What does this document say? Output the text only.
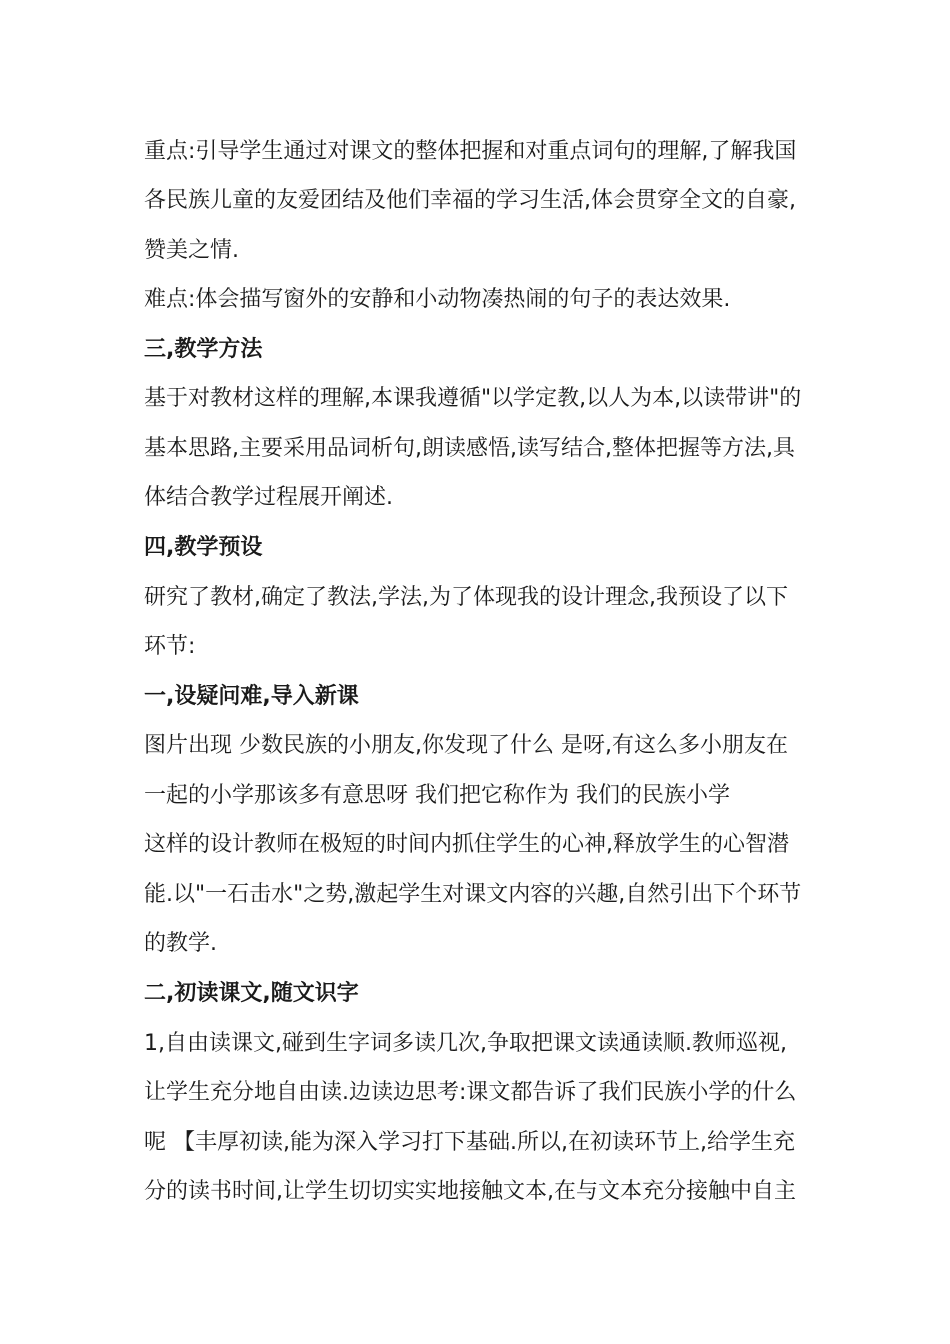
重点:引导学生通过对课文的整体把握和对重点词句的理解,了解我国
各民族儿童的友爱团结及他们幸福的学习生活,体会贯穿全文的自豪,
赞美之情.
难点:体会描写窗外的安静和小动物凑热闹的句子的表达效果.
三,教学方法
基于对教材这样的理解,本课我遵循"以学定教,以人为本,以读带讲"的
基本思路,主要采用品词析句,朗读感悟,读写结合,整体把握等方法,具
体结合教学过程展开阐述.
四,教学预设
研究了教材,确定了教法,学法,为了体现我的设计理念,我预设了以下
环节:
一,设疑问难,导入新课
图片出现 少数民族的小朋友,你发现了什么 是呀,有这么多小朋友在
一起的小学那该多有意思呀 我们把它称作为 我们的民族小学
这样的设计教师在极短的时间内抓住学生的心神,释放学生的心智潜
能.以"一石击水"之势,激起学生对课文内容的兴趣,自然引出下个环节
的教学.
二,初读课文,随文识字
1,自由读课文,碰到生字词多读几次,争取把课文读通读顺.教师巡视,
让学生充分地自由读.边读边思考:课文都告诉了我们民族小学的什么
呢 【丰厚初读,能为深入学习打下基础.所以,在初读环节上,给学生充
分的读书时间,让学生切切实实地接触文本,在与文本充分接触中自主
